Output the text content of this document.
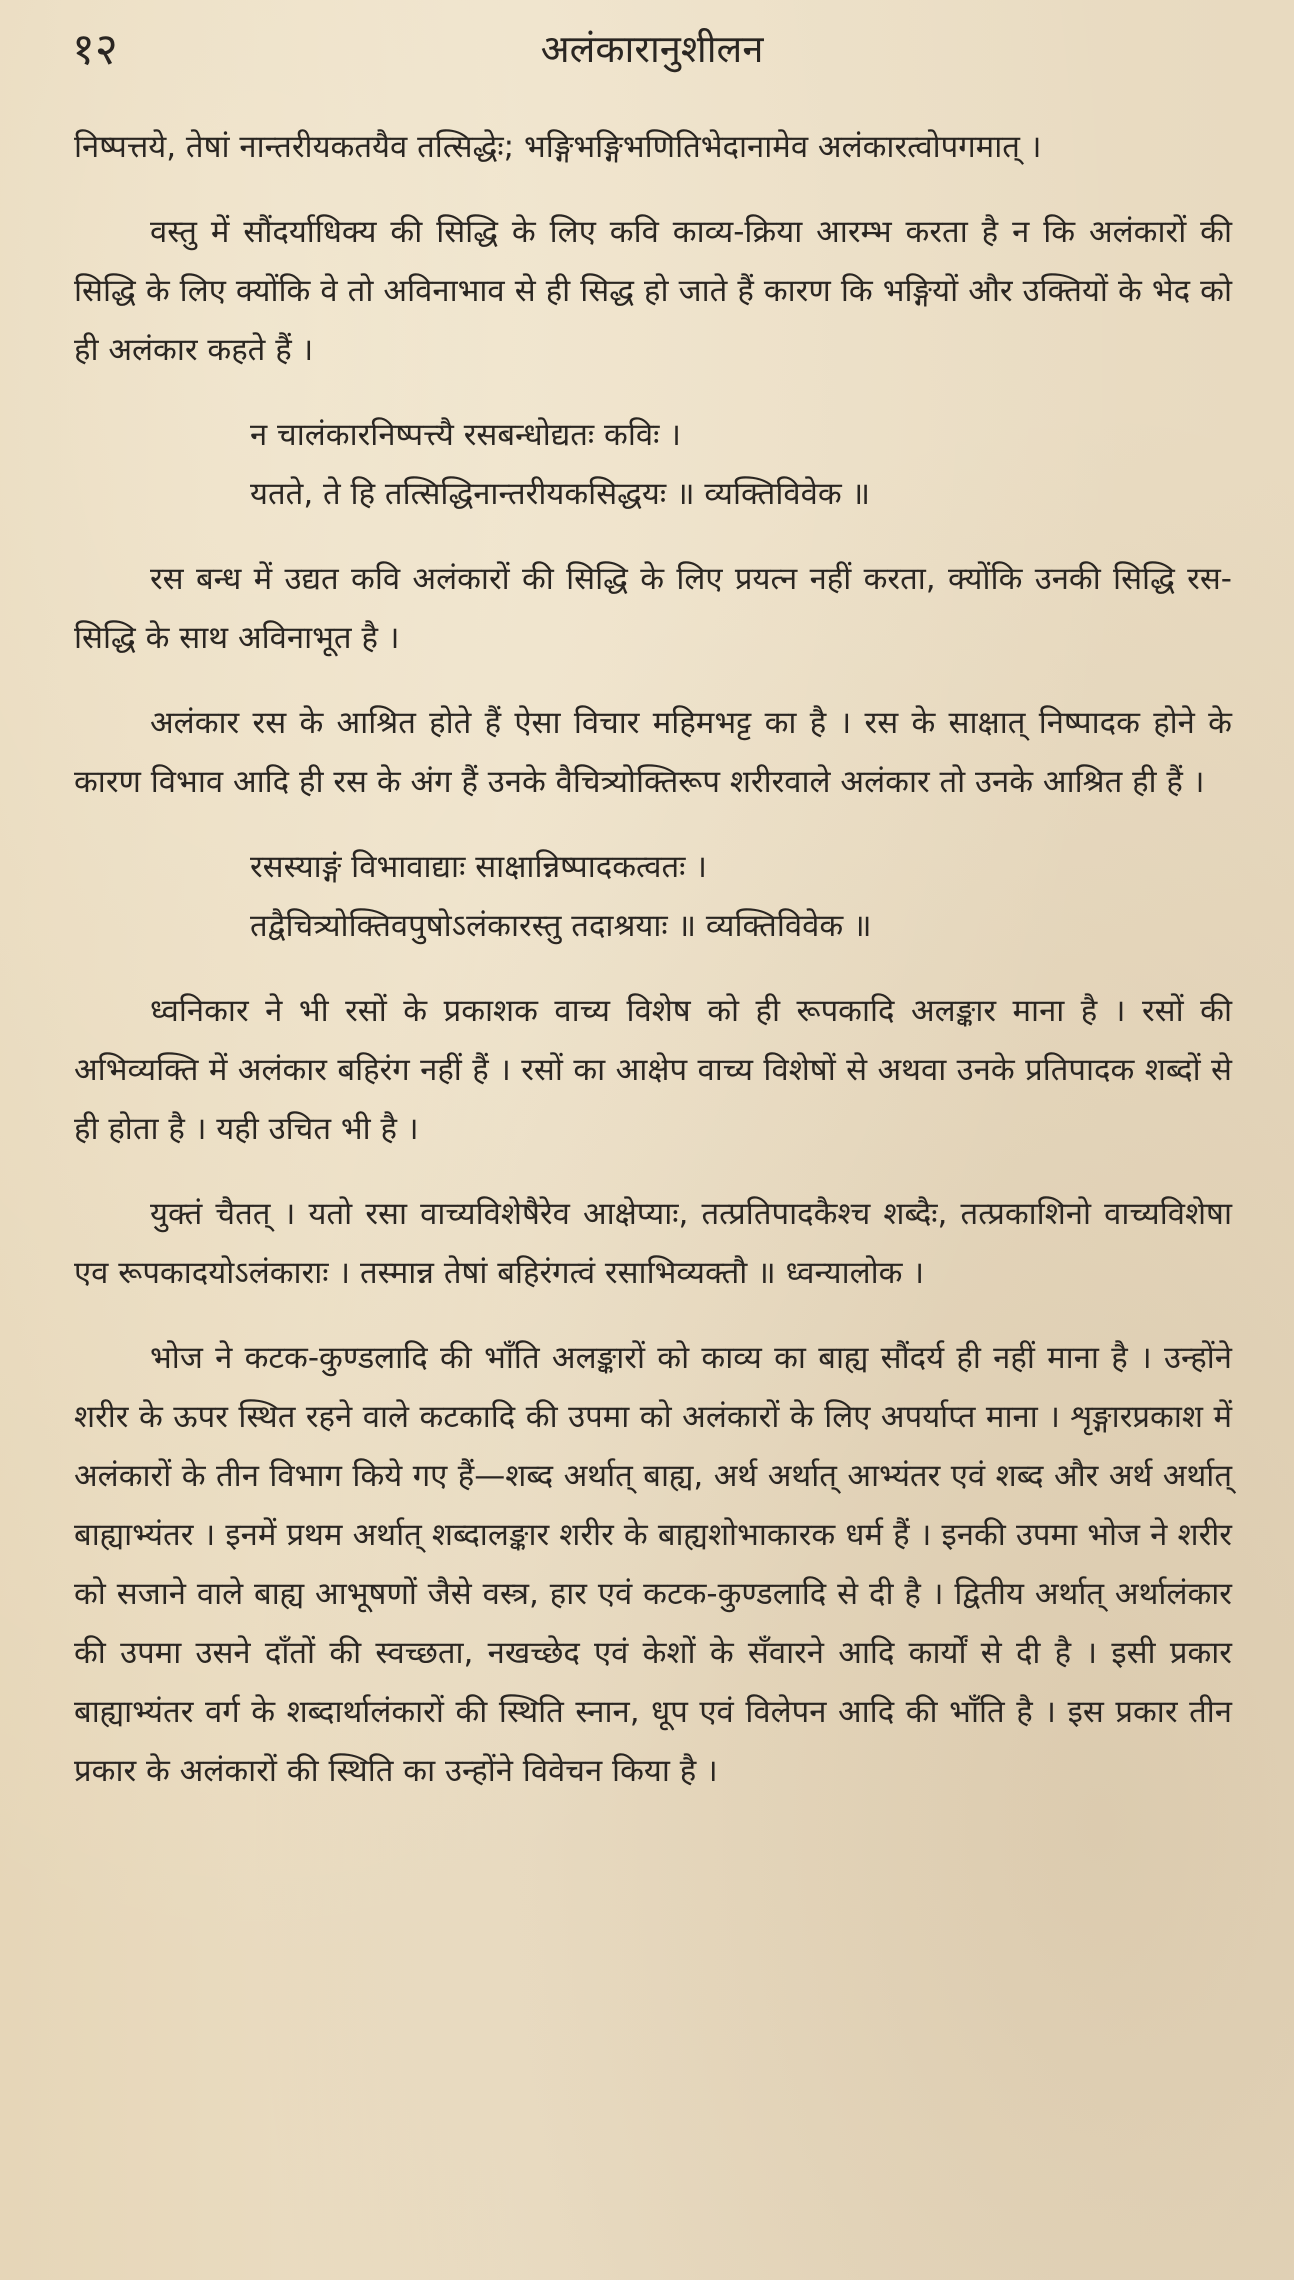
१२	अलंकारानुशीलन

निष्पत्तये, तेषां नान्तरीयकतयैव तत्सिद्धेः; भङ्गिभङ्गिभणितिभेदानामेव अलंकारत्वोपगमात् ।

वस्तु में सौंदर्याधिक्य की सिद्धि के लिए कवि काव्य-क्रिया आरम्भ करता है न कि अलंकारों की सिद्धि के लिए क्योंकि वे तो अविनाभाव से ही सिद्ध हो जाते हैं कारण कि भङ्गियों और उक्तियों के भेद को ही अलंकार कहते हैं ।

न चालंकारनिष्पत्त्यै रसबन्धोद्यतः कविः ।
यतते, ते हि तत्सिद्धिनान्तरीयकसिद्धयः ॥ व्यक्तिविवेक ॥

रस बन्ध में उद्यत कवि अलंकारों की सिद्धि के लिए प्रयत्न नहीं करता, क्योंकि उनकी सिद्धि रस-सिद्धि के साथ अविनाभूत है ।

अलंकार रस के आश्रित होते हैं ऐसा विचार महिमभट्ट का है । रस के साक्षात् निष्पादक होने के कारण विभाव आदि ही रस के अंग हैं उनके वैचित्र्योक्तिरूप शरीरवाले अलंकार तो उनके आश्रित ही हैं ।

रसस्याङ्गं विभावाद्याः साक्षान्निष्पादकत्वतः ।
तद्वैचित्र्योक्तिवपुषोऽलंकारस्तु तदाश्रयाः ॥ व्यक्तिविवेक ॥

ध्वनिकार ने भी रसों के प्रकाशक वाच्य विशेष को ही रूपकादि अलङ्कार माना है । रसों की अभिव्यक्ति में अलंकार बहिरंग नहीं हैं । रसों का आक्षेप वाच्य विशेषों से अथवा उनके प्रतिपादक शब्दों से ही होता है । यही उचित भी है ।

युक्तं चैतत् । यतो रसा वाच्यविशेषैरेव आक्षेप्याः, तत्प्रतिपादकैश्च शब्दैः, तत्प्रकाशिनो वाच्यविशेषा एव रूपकादयोऽलंकाराः । तस्मान्न तेषां बहिरंगत्वं रसाभिव्यक्तौ ॥ ध्वन्यालोक ।

भोज ने कटक-कुण्डलादि की भाँति अलङ्कारों को काव्य का बाह्य सौंदर्य ही नहीं माना है । उन्होंने शरीर के ऊपर स्थित रहने वाले कटकादि की उपमा को अलंकारों के लिए अपर्याप्त माना । शृङ्गारप्रकाश में अलंकारों के तीन विभाग किये गए हैं—शब्द अर्थात् बाह्य, अर्थ अर्थात् आभ्यंतर एवं शब्द और अर्थ अर्थात् बाह्याभ्यंतर । इनमें प्रथम अर्थात् शब्दालङ्कार शरीर के बाह्यशोभाकारक धर्म हैं । इनकी उपमा भोज ने शरीर को सजाने वाले बाह्य आभूषणों जैसे वस्त्र, हार एवं कटक-कुण्डलादि से दी है । द्वितीय अर्थात् अर्थालंकार की उपमा उसने दाँतों की स्वच्छता, नखच्छेद एवं केशों के सँवारने आदि कार्यों से दी है । इसी प्रकार बाह्याभ्यंतर वर्ग के शब्दार्थालंकारों की स्थिति स्नान, धूप एवं विलेपन आदि की भाँति है । इस प्रकार तीन प्रकार के अलंकारों की स्थिति का उन्होंने विवेचन किया है ।
